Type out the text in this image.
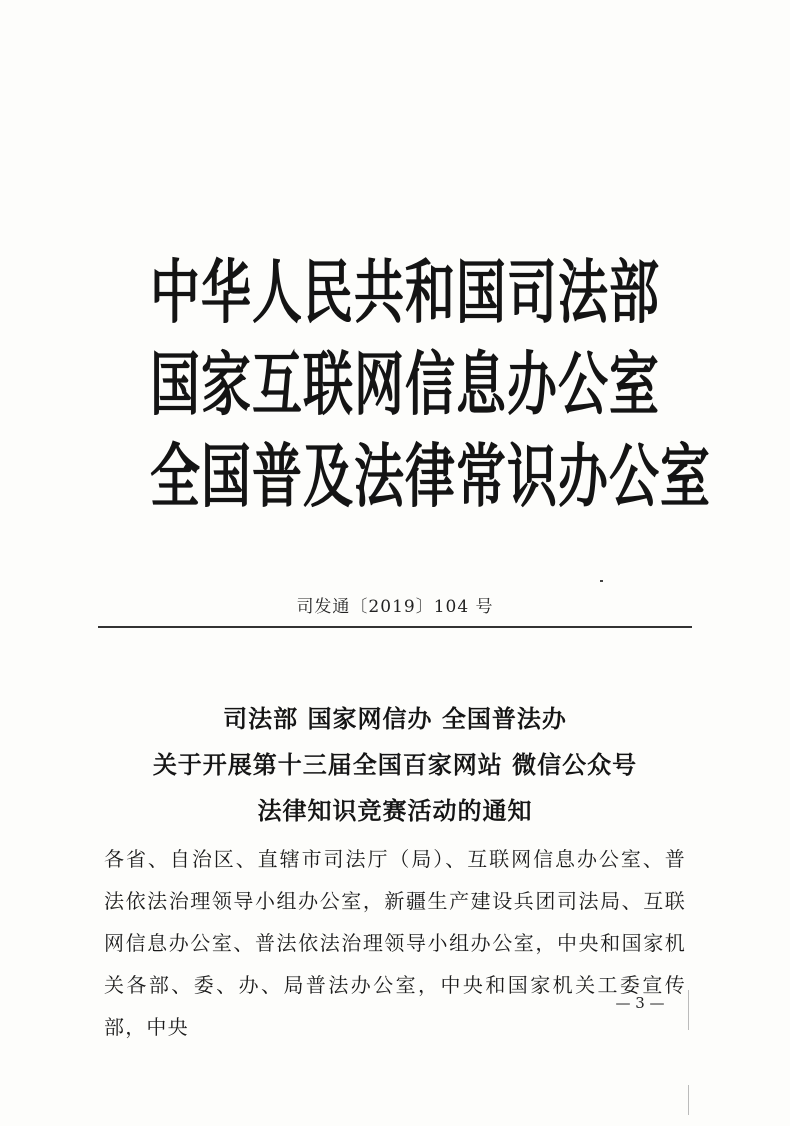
中华人民共和国司法部
国家互联网信息办公室
全国普及法律常识办公室
司发通〔2019〕104 号
司法部 国家网信办 全国普法办
关于开展第十三届全国百家网站 微信公众号
法律知识竞赛活动的通知
各省、自治区、直辖市司法厅（局）、互联网信息办公室、普法依法治理领导小组办公室，新疆生产建设兵团司法局、互联网信息办公室、普法依法治理领导小组办公室，中央和国家机关各部、委、办、局普法办公室，中央和国家机关工委宣传部，中央
— 3 —
